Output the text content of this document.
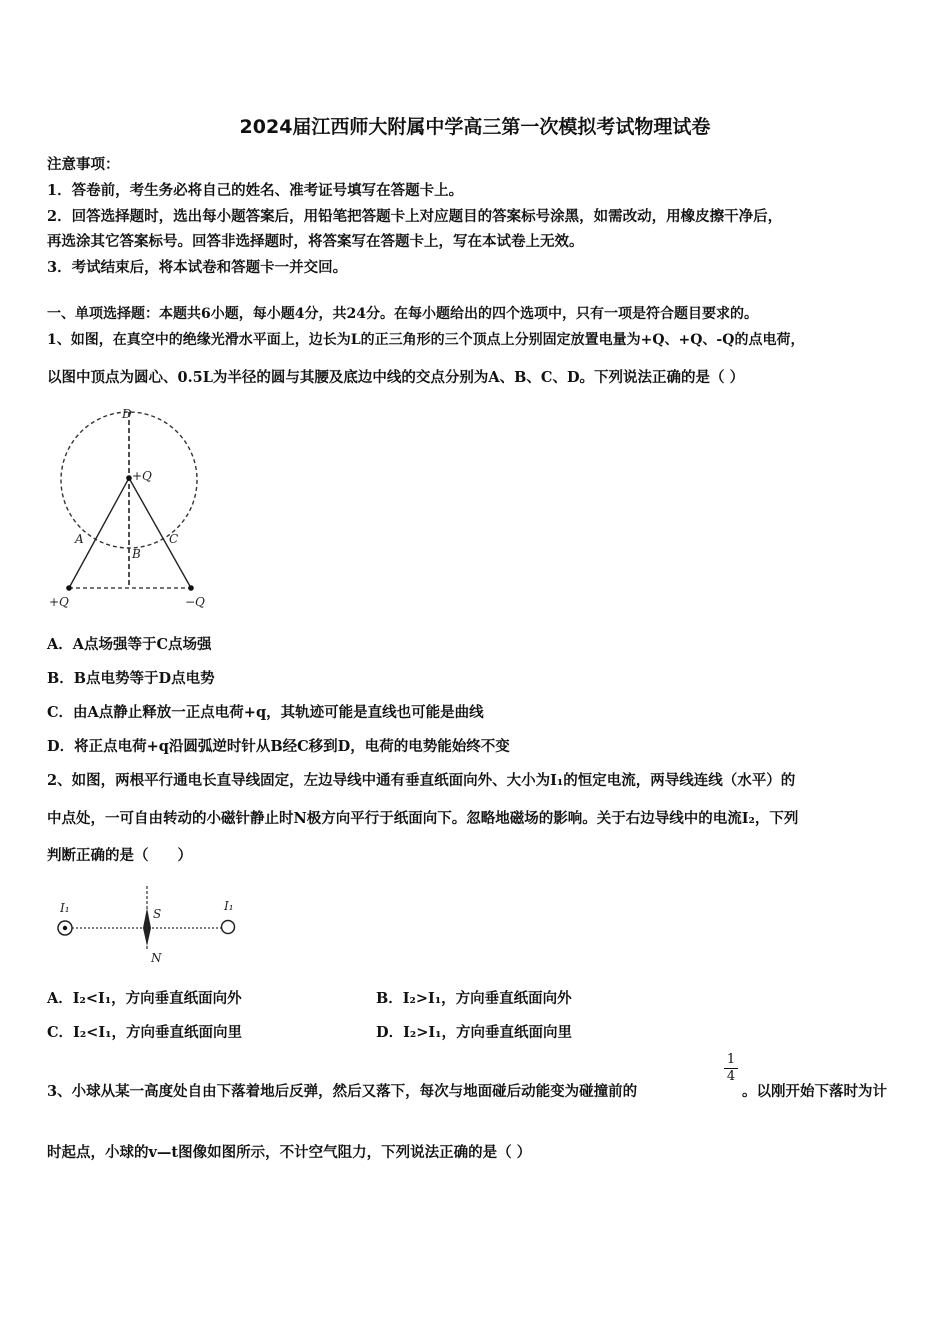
2024届江西师大附属中学高三第一次模拟考试物理试卷
注意事项：
1．答卷前，考生务必将自己的姓名、准考证号填写在答题卡上。
2．回答选择题时，选出每小题答案后，用铅笔把答题卡上对应题目的答案标号涂黑，如需改动，用橡皮擦干净后，
再选涂其它答案标号。回答非选择题时，将答案写在答题卡上，写在本试卷上无效。
3．考试结束后，将本试卷和答题卡一并交回。
一、单项选择题：本题共6小题，每小题4分，共24分。在每小题给出的四个选项中，只有一项是符合题目要求的。
1、如图，在真空中的绝缘光滑水平面上，边长为L的正三角形的三个顶点上分别固定放置电量为+Q、+Q、-Q的点电荷，
以图中顶点为圆心、0.5L为半径的圆与其腰及底边中线的交点分别为A、B、C、D。下列说法正确的是（ ）
D
+Q
A
B
C
+Q	−Q
A．A点场强等于C点场强
B．B点电势等于D点电势
C．由A点静止释放一正点电荷+q，其轨迹可能是直线也可能是曲线
D．将正点电荷+q沿圆弧逆时针从B经C移到D，电荷的电势能始终不变
2、如图，两根平行通电长直导线固定，左边导线中通有垂直纸面向外、大小为I₁的恒定电流，两导线连线（水平）的
中点处，一可自由转动的小磁针静止时N极方向平行于纸面向下。忽略地磁场的影响。关于右边导线中的电流I₂，下列
判断正确的是（　　）
I₁	I₁
S
N
A．I₂<I₁，方向垂直纸面向外	B．I₂>I₁，方向垂直纸面向外
C．I₂<I₁，方向垂直纸面向里	D．I₂>I₁，方向垂直纸面向里
3、小球从某一高度处自由下落着地后反弹，然后又落下，每次与地面碰后动能变为碰撞前的
1
4
。以刚开始下落时为计
时起点，小球的v—t图像如图所示，不计空气阻力，下列说法正确的是（ ）
